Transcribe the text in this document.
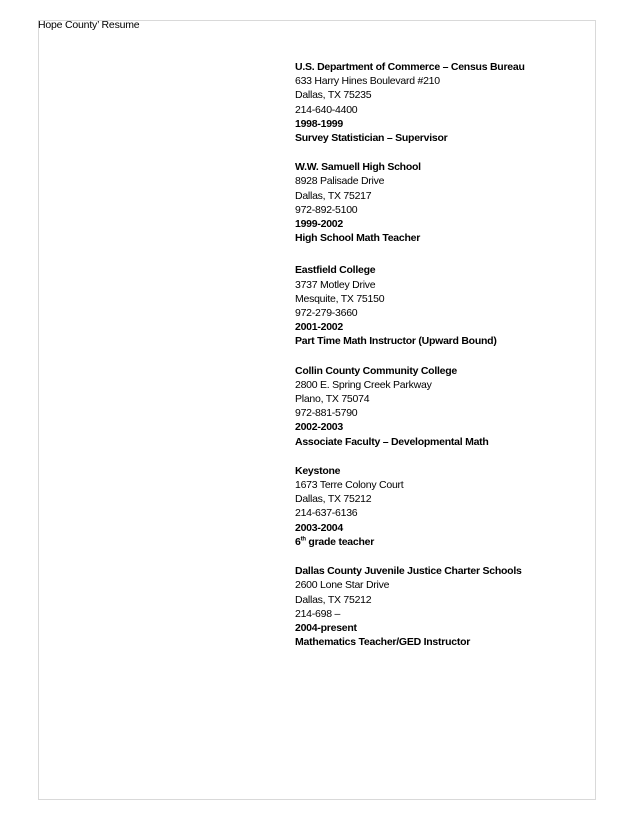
Hope County’ Resume
U.S. Department of Commerce – Census Bureau
633 Harry Hines Boulevard #210
Dallas, TX 75235
214-640-4400
1998-1999
Survey Statistician – Supervisor
W.W. Samuell High School
8928 Palisade Drive
Dallas, TX 75217
972-892-5100
1999-2002
High School Math Teacher
Eastfield College
3737 Motley Drive
Mesquite, TX 75150
972-279-3660
2001-2002
Part Time Math Instructor (Upward Bound)
Collin County Community College
2800 E. Spring Creek Parkway
Plano, TX 75074
972-881-5790
2002-2003
Associate Faculty – Developmental Math
Keystone
1673 Terre Colony Court
Dallas, TX 75212
214-637-6136
2003-2004
6th grade teacher
Dallas County Juvenile Justice Charter Schools
2600 Lone Star Drive
Dallas, TX 75212
214-698 –
2004-present
Mathematics Teacher/GED Instructor
